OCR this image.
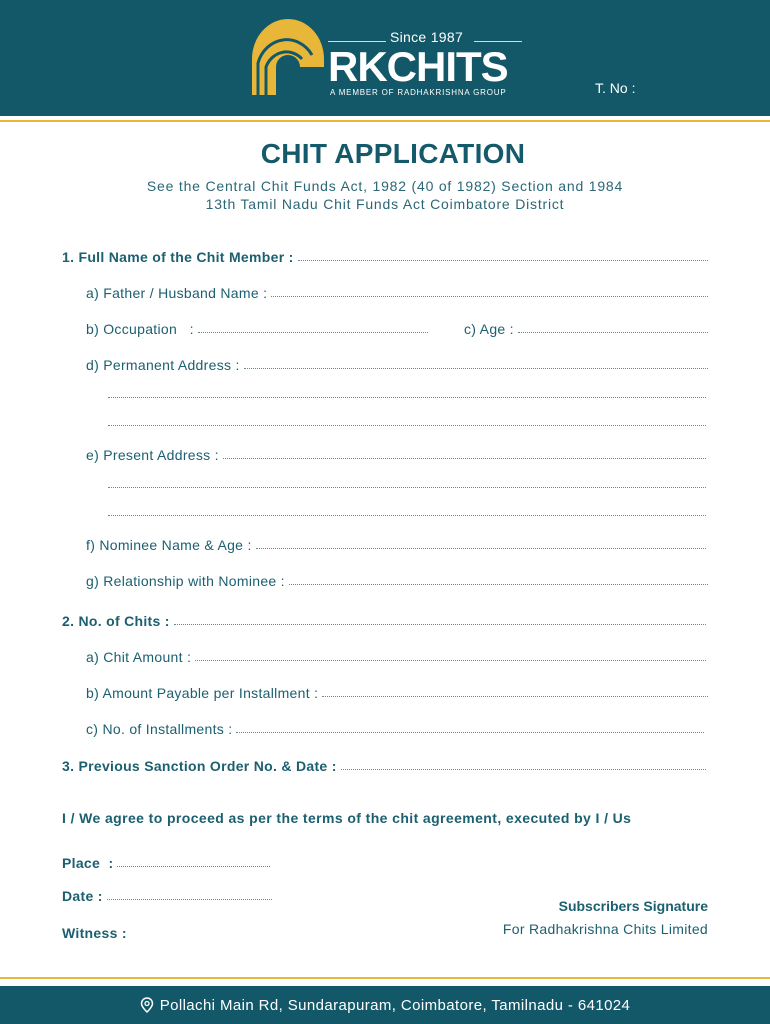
Since 1987
RKCHITS
A MEMBER OF RADHAKRISHNA GROUP	T. No :
CHIT APPLICATION
See the Central Chit Funds Act, 1982 (40 of 1982) Section and 1984
13th Tamil Nadu Chit Funds Act Coimbatore District
1. Full Name of the Chit Member :
a) Father / Husband Name :
b) Occupation   :	c) Age :
d) Permanent Address :
e) Present Address :
f) Nominee Name & Age :
g) Relationship with Nominee :
2. No. of Chits :
a) Chit Amount :
b) Amount Payable per Installment :
c) No. of Installments :
3. Previous Sanction Order No. & Date :
I / We agree to proceed as per the terms of the chit agreement, executed by I / Us
Place  :
Date :
Witness :
Subscribers Signature
For Radhakrishna Chits Limited
Pollachi Main Rd, Sundarapuram, Coimbatore, Tamilnadu - 641024
